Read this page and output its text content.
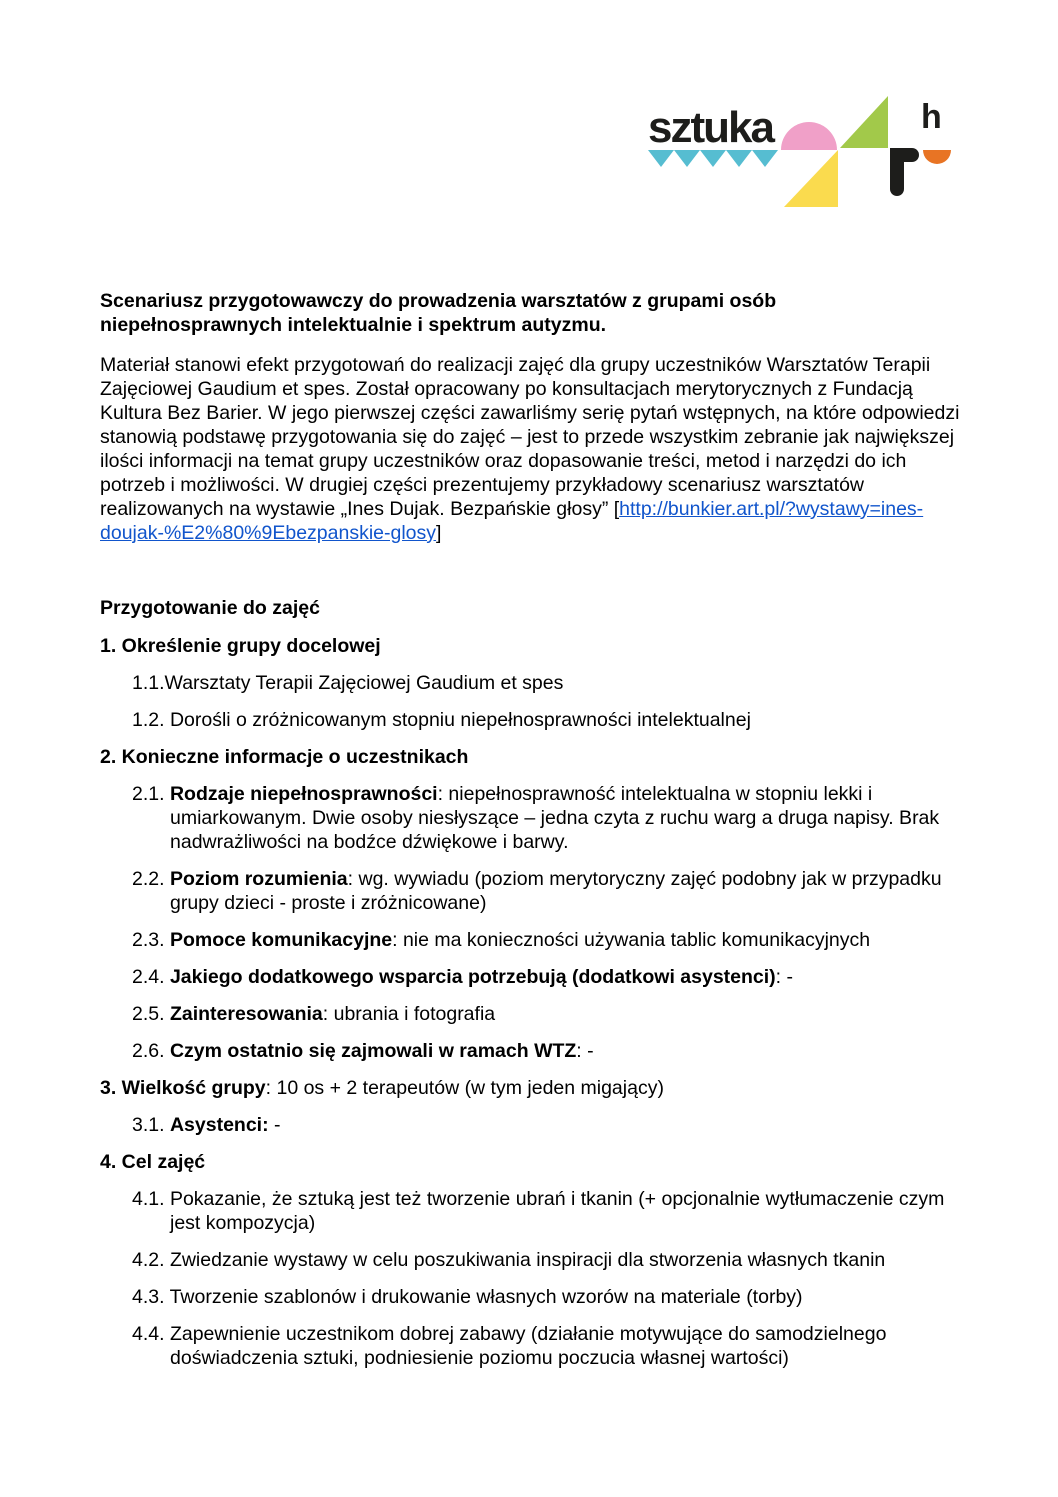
sztuka	h

Scenariusz przygotowawczy do prowadzenia warsztatów z grupami osób niepełnosprawnych intelektualnie i spektrum autyzmu.

Materiał stanowi efekt przygotowań do realizacji zajęć dla grupy uczestników Warsztatów Terapii Zajęciowej Gaudium et spes. Został opracowany po konsultacjach merytorycznych z Fundacją Kultura Bez Barier. W jego pierwszej części zawarliśmy serię pytań wstępnych, na które odpowiedzi stanowią podstawę przygotowania się do zajęć – jest to przede wszystkim zebranie jak największej ilości informacji na temat grupy uczestników oraz dopasowanie treści, metod i narzędzi do ich potrzeb i możliwości. W drugiej części prezentujemy przykładowy scenariusz warsztatów realizowanych na wystawie „Ines Dujak. Bezpańskie głosy” [http://bunkier.art.pl/?wystawy=ines-doujak-%E2%80%9Ebezpanskie-glosy]

Przygotowanie do zajęć

1. Określenie grupy docelowej
1.1.Warsztaty Terapii Zajęciowej Gaudium et spes
1.2. Dorośli o zróżnicowanym stopniu niepełnosprawności intelektualnej
2. Konieczne informacje o uczestnikach
2.1. Rodzaje niepełnosprawności: niepełnosprawność intelektualna w stopniu lekki i umiarkowanym. Dwie osoby niesłyszące – jedna czyta z ruchu warg a druga napisy. Brak nadwrażliwości na bodźce dźwiękowe i barwy.
2.2. Poziom rozumienia: wg. wywiadu (poziom merytoryczny zajęć podobny jak w przypadku grupy dzieci - proste i zróżnicowane)
2.3. Pomoce komunikacyjne: nie ma konieczności używania tablic komunikacyjnych
2.4. Jakiego dodatkowego wsparcia potrzebują (dodatkowi asystenci): -
2.5. Zainteresowania: ubrania i fotografia
2.6. Czym ostatnio się zajmowali w ramach WTZ: -
3. Wielkość grupy: 10 os + 2 terapeutów (w tym jeden migający)
3.1. Asystenci: -
4. Cel zajęć
4.1. Pokazanie, że sztuką jest też tworzenie ubrań i tkanin (+ opcjonalnie wytłumaczenie czym jest kompozycja)
4.2. Zwiedzanie wystawy w celu poszukiwania inspiracji dla stworzenia własnych tkanin
4.3. Tworzenie szablonów i drukowanie własnych wzorów na materiale (torby)
4.4. Zapewnienie uczestnikom dobrej zabawy (działanie motywujące do samodzielnego doświadczenia sztuki, podniesienie poziomu poczucia własnej wartości)
